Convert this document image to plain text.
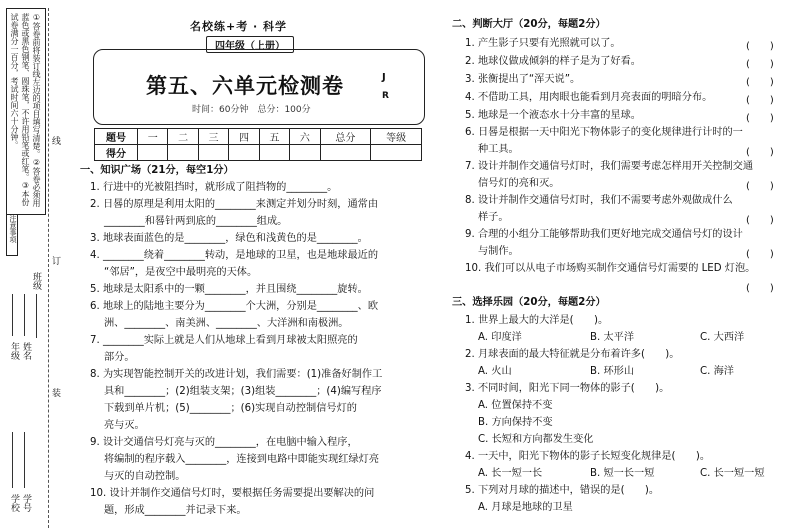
①答卷前将装订线左边的项目填写清楚。②答卷必须用蓝色或黑色钢笔、圆珠笔，不许用铅笔或红笔。③本份试卷满分一百分，考试时间六十分钟。
注意事项
线
订
装
年级 姓名
班级
学校 学号
名校练+考 · 科学
四年级（上册）
第五、六单元检测卷	J
R
时间：60分钟　总分：100分
题号	一	二	三	四	五	六	总分	等级
得分								
一、知识广场（21分，每空1分）
1. 行进中的光被阻挡时，就形成了阻挡物的________。
2. 日晷的原理是利用太阳的________来测定并划分时刻，通常由
________和晷针两到底的________组成。
3. 地球表面蓝色的是________，绿色和浅黄色的是________。
4. ________绕着________转动，是地球的卫星，也是地球最近的
“邻居”，是夜空中最明亮的天体。
5. 地球是太阳系中的一颗________，并且围绕________旋转。
6. 地球上的陆地主要分为________个大洲，分别是________、欧
洲、________、南美洲、________、大洋洲和南极洲。
7. ________实际上就是人们从地球上看到月球被太阳照亮的
部分。
8. 为实现智能控制开关的改进计划，我们需要：(1)准备好制作工
具和________；(2)组装支架；(3)组装________；(4)编写程序
下载到单片机；(5)________；(6)实现自动控制信号灯的
亮与灭。
9. 设计交通信号灯亮与灭的________，在电脑中输入程序，
将编制的程序载入________，连接到电路中即能实现红绿灯亮
与灭的自动控制。
10. 设计并制作交通信号灯时，要根据任务需要提出要解决的问
题，形成________并记录下来。
二、判断大厅（20分，每题2分）
1. 产生影子只要有光照就可以了。	(　　)
2. 地球仪做成倾斜的样子是为了好看。	(　　)
3. 张衡提出了“浑天说”。	(　　)
4. 不借助工具，用肉眼也能看到月亮表面的明暗分布。	(　　)
5. 地球是一个液态水十分丰富的星球。	(　　)
6. 日晷是根据一天中阳光下物体影子的变化规律进行计时的一
种工具。	(　　)
7. 设计并制作交通信号灯时，我们需要考虑怎样用开关控制交通
信号灯的亮和灭。	(　　)
8. 设计并制作交通信号灯时，我们不需要考虑外观做成什么
样子。	(　　)
9. 合理的小组分工能够帮助我们更好地完成交通信号灯的设计
与制作。	(　　)
10. 我们可以从电子市场购买制作交通信号灯需要的 LED 灯泡。
(　　)
三、选择乐园（20分，每题2分）
1. 世界上最大的大洋是(　　)。
A. 印度洋	B. 太平洋	C. 大西洋
2. 月球表面的最大特征就是分布着许多(　　)。
A. 火山	B. 环形山	C. 海洋
3. 不同时间，阳光下同一物体的影子(　　)。
A. 位置保持不变
B. 方向保持不变
C. 长短和方向都发生变化
4. 一天中，阳光下物体的影子长短变化规律是(　　)。
A. 长一短一长	B. 短一长一短	C. 长一短一短
5. 下列对月球的描述中，错误的是(　　)。
A. 月球是地球的卫星
